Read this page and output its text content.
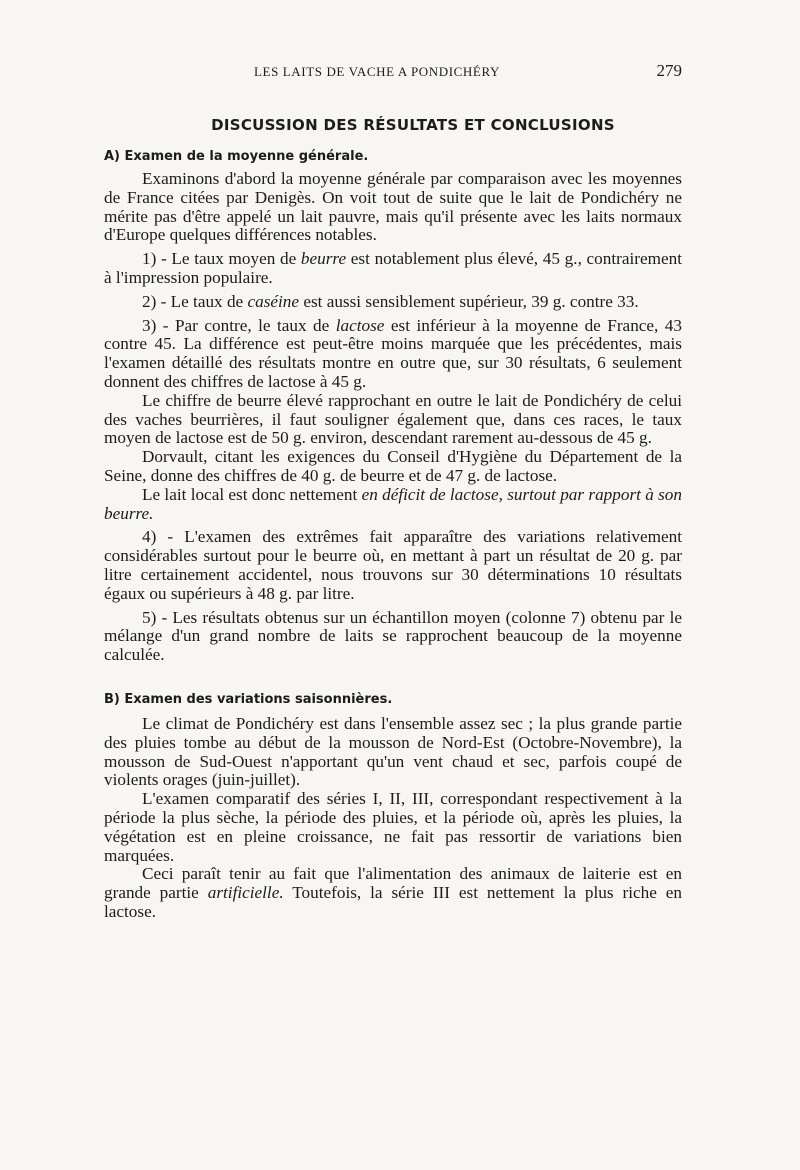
LES LAITS DE VACHE A PONDICHÉRY	279
DISCUSSION DES RÉSULTATS ET CONCLUSIONS
A) Examen de la moyenne générale.

Examinons d'abord la moyenne générale par comparaison avec les moyennes de France citées par Denigès. On voit tout de suite que le lait de Pondichéry ne mérite pas d'être appelé un lait pauvre, mais qu'il présente avec les laits normaux d'Europe quelques différences notables.

1) - Le taux moyen de beurre est notablement plus élevé, 45 g., contrairement à l'impression populaire.

2) - Le taux de caséine est aussi sensiblement supérieur, 39 g. contre 33.

3) - Par contre, le taux de lactose est inférieur à la moyenne de France, 43 contre 45. La différence est peut-être moins marquée que les précédentes, mais l'examen détaillé des résultats montre en outre que, sur 30 résultats, 6 seulement donnent des chiffres de lactose à 45 g.

Le chiffre de beurre élevé rapprochant en outre le lait de Pondichéry de celui des vaches beurrières, il faut souligner également que, dans ces races, le taux moyen de lactose est de 50 g. environ, descendant rarement au-dessous de 45 g.

Dorvault, citant les exigences du Conseil d'Hygiène du Département de la Seine, donne des chiffres de 40 g. de beurre et de 47 g. de lactose.

Le lait local est donc nettement en déficit de lactose, surtout par rapport à son beurre.

4) - L'examen des extrêmes fait apparaître des variations relativement considérables surtout pour le beurre où, en mettant à part un résultat de 20 g. par litre certainement accidentel, nous trouvons sur 30 déterminations 10 résultats égaux ou supérieurs à 48 g. par litre.

5) - Les résultats obtenus sur un échantillon moyen (colonne 7) obtenu par le mélange d'un grand nombre de laits se rapprochent beaucoup de la moyenne calculée.

B) Examen des variations saisonnières.

Le climat de Pondichéry est dans l'ensemble assez sec ; la plus grande partie des pluies tombe au début de la mousson de Nord-Est (Octobre-Novembre), la mousson de Sud-Ouest n'apportant qu'un vent chaud et sec, parfois coupé de violents orages (juin-juillet).

L'examen comparatif des séries I, II, III, correspondant respectivement à la période la plus sèche, la période des pluies, et la période où, après les pluies, la végétation est en pleine croissance, ne fait pas ressortir de variations bien marquées.

Ceci paraît tenir au fait que l'alimentation des animaux de laiterie est en grande partie artificielle. Toutefois, la série III est nettement la plus riche en lactose.
